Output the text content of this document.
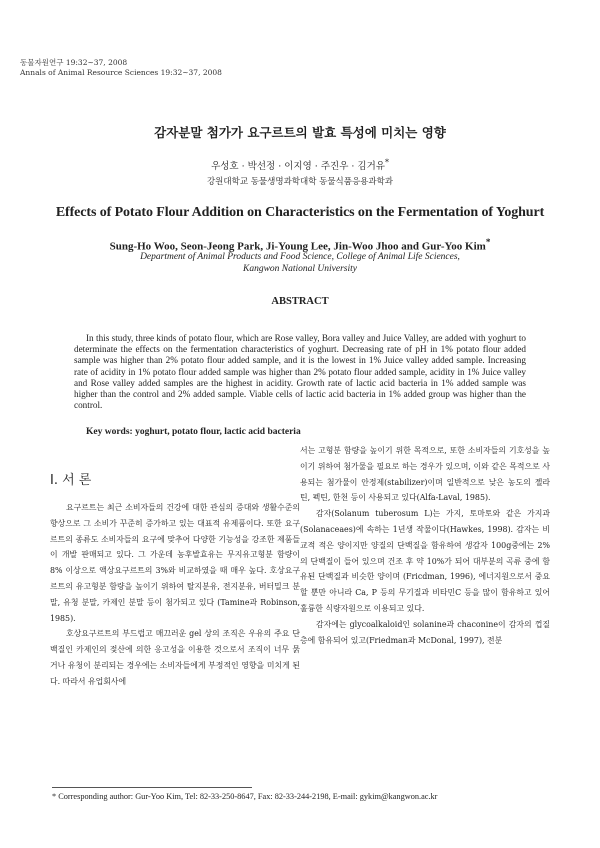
동물자원연구 19:32~37, 2008
Annals of Animal Resource Sciences 19:32~37, 2008
감자분말 첨가가 요구르트의 발효 특성에 미치는 영향
우성호 · 박선정 · 이지영 · 주진우 · 김거유*
강원대학교 동물생명과학대학 동물식품응용과학과
Effects of Potato Flour Addition on Characteristics on the Fermentation of Yoghurt
Sung-Ho Woo, Seon-Jeong Park, Ji-Young Lee, Jin-Woo Jhoo and Gur-Yoo Kim*
Department of Animal Products and Food Science, College of Animal Life Sciences,
Kangwon National University
ABSTRACT

In this study, three kinds of potato flour, which are Rose valley, Bora valley and Juice Valley, are added with yoghurt to determinate the effects on the fermentation characteristics of yoghurt. Decreasing rate of pH in 1% potato flour added sample was higher than 2% potato flour added sample, and it is the lowest in 1% Juice valley added sample. Increasing rate of acidity in 1% potato flour added sample was higher than 2% potato flour added sample, acidity in 1% Juice valley and Rose valley added samples are the highest in acidity. Growth rate of lactic acid bacteria in 1% added sample was higher than the control and 2% added sample. Viable cells of lactic acid bacteria in 1% added group was higher than the control.

Key words: yoghurt, potato flour, lactic acid bacteria

Ⅰ. 서 론

요구르트는 최근 소비자들의 건강에 대한 관심의 증대와 생활수준의 향상으로 그 소비가 꾸준히 증가하고 있는 대표적 유제품이다. 또한 요구르트의 종류도 소비자들의 요구에 맞추어 다양한 기능성을 강조한 제품들이 개발 판매되고 있다. 그 가운데 농후발효유는 무지유고형분 함량이 8% 이상으로 액상요구르트의 3%와 비교하였을 때 매우 높다. 호상요구르트의 유고형분 함량을 높이기 위하여 탈지분유, 전지분유, 버터밀크 분말, 유청 분말, 카제인 분말 등이 첨가되고 있다 (Tamine과 Robinson, 1985).

호상요구르트의 부드럽고 매끄러운 gel 상의 조직은 우유의 주요 단백질인 카제인의 젖산에 의한 응고성을 이용한 것으로서 조직이 너무 묽거나 유청이 분리되는 경우에는 소비자들에게 부정적인 영향을 미치게 된다. 따라서 유업회사에

서는 고형분 함량을 높이기 위한 목적으로, 또한 소비자들의 기호성을 높이기 위하여 첨가물을 필요로 하는 경우가 있으며, 이와 같은 목적으로 사용되는 첨가물이 안정제(stabilizer)이며 일반적으로 낮은 농도의 젤라틴, 펙틴, 한천 등이 사용되고 있다(Alfa-Laval, 1985).

감자(Solanum tuberosum L)는 가지, 토마토와 같은 가지과(Solanaceaes)에 속하는 1년생 작물이다(Hawkes, 1998). 감자는 비교적 적은 양이지만 양질의 단백질을 함유하여 생감자 100g중에는 2%의 단백질이 들어 있으며 건조 후 약 10%가 되어 대부분의 곡류 중에 함유된 단백질과 비슷한 양이며 (Fricdman, 1996), 에너지원으로서 중요할 뿐만 아니라 Ca, P 등의 무기질과 비타민C 등을 많이 함유하고 있어 훌륭한 식량자원으로 이용되고 있다.

감자에는 glycoalkaloid인 solanine과 chaconine이 감자의 껍질층에 함유되어 있고(Friedman과 McDonal, 1997), 전분

* Corresponding author: Gur-Yoo Kim, Tel: 82-33-250-8647, Fax: 82-33-244-2198, E-mail: gykim@kangwon.ac.kr
